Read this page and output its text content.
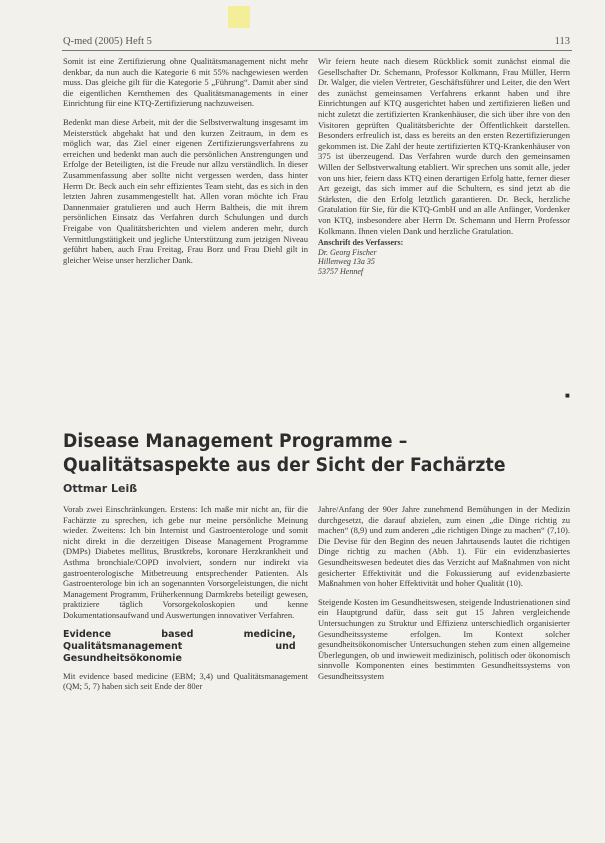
Q-med (2005) Heft 5	113

Somit ist eine Zertifizierung ohne Qualitätsmanagement nicht mehr denkbar, da nun auch die Kategorie 6 mit 55% nachgewiesen werden muss. Das gleiche gilt für die Kategorie 5 „Führung“. Damit aber sind die eigentlichen Kernthemen des Qualitätsmanagements in einer Einrichtung für eine KTQ-Zertifizierung nachzuweisen.

Bedenkt man diese Arbeit, mit der die Selbstverwaltung insgesamt im Meisterstück abgehakt hat und den kurzen Zeitraum, in dem es möglich war, das Ziel einer eigenen Zertifizierungsverfahrens zu erreichen und bedenkt man auch die persönlichen Anstrengungen und Erfolge der Beteiligten, ist die Freude nur allzu verständlich. In dieser Zusammenfassung aber sollte nicht vergessen werden, dass hinter Herrn Dr. Beck auch ein sehr effizientes Team steht, das es sich in den letzten Jahren zusammengestellt hat. Allen voran möchte ich Frau Dannenmaier gratulieren und auch Herrn Baltheis, die mit ihrem persönlichen Einsatz das Verfahren durch Schulungen und durch Freigabe von Qualitätsberichten und vielem anderen mehr, durch Vermittlungstätigkeit und jegliche Unterstützung zum jetzigen Niveau geführt haben, auch Frau Freitag, Frau Borz und Frau Diehl gilt in gleicher Weise unser herzlicher Dank.

Wir feiern heute nach diesem Rückblick somit zunächst einmal die Gesellschafter Dr. Schemann, Professor Kolkmann, Frau Müller, Herrn Dr. Walger, die vielen Vertreter, Geschäftsführer und Leiter, die den Wert des zunächst gemeinsamen Verfahrens erkannt haben und ihre Einrichtungen auf KTQ ausgerichtet haben und zertifizieren ließen und nicht zuletzt die zertifizierten Krankenhäuser, die sich über ihre von den Visitoren geprüften Qualitätsberichte der Öffentlichkeit darstellen. Besonders erfreulich ist, dass es bereits an den ersten Rezertifizierungen gekommen ist. Die Zahl der heute zertifizierten KTQ-Krankenhäuser von 375 ist überzeugend. Das Verfahren wurde durch den gemeinsamen Willen der Selbstverwaltung etabliert. Wir sprechen uns somit alle, jeder von uns hier, feiern dass KTQ einen derartigen Erfolg hatte, ferner dieser Art gezeigt, das sich immer auf die Schultern, es sind jetzt ab die Stärksten, die den Erfolg letztlich garantieren. Dr. Beck, herzliche Gratulation für Sie, für die KTQ-GmbH und an alle Anfänger, Vordenker von KTQ, insbesondere aber Herrn Dr. Schemann und Herrn Professor Kolkmann. Ihnen vielen Dank und herzliche Gratulation.

Anschrift des Verfassers:
Dr. Georg Fischer
Hillenweg 13a 35
53757 Hennef
■
Disease Management Programme –
Qualitätsaspekte aus der Sicht der Fachärzte
Ottmar Leiß

Vorab zwei Einschränkungen. Erstens: Ich maße mir nicht an, für die Fachärzte zu sprechen, ich gebe nur meine persönliche Meinung wieder. Zweitens: Ich bin Internist und Gastroenterologe und somit nicht direkt in die derzeitigen Disease Management Programme (DMPs) Diabetes mellitus, Brustkrebs, koronare Herzkrankheit und Asthma bronchiale/COPD involviert, sondern nur indirekt via gastroenterologische Mitbetreuung entsprechender Patienten. Als Gastroenterologe bin ich an sogenannten Vorsorgeleistungen, die nicht Management Programm, Früherkennung Darmkrebs beteiligt gewesen, praktiziere täglich Vorsorgekoloskopien und kenne Dokumentationsaufwand und Auswertungen innovativer Verfahren.

Evidence based medicine, Qualitätsmanagement und Gesundheitsökonomie

Mit evidence based medicine (EBM; 3,4) und Qualitätsmanagement (QM; 5, 7) haben sich seit Ende der 80er

Jahre/Anfang der 90er Jahre zunehmend Bemühungen in der Medizin durchgesetzt, die darauf abzielen, zum einen „die Dinge richtig zu machen“ (8,9) und zum anderen „die richtigen Dinge zu machen“ (7,10). Die Devise für den Beginn des neuen Jahrtausends lautet die richtigen Dinge richtig zu machen (Abb. 1). Für ein evidenzbasiertes Gesundheitswesen bedeutet dies das Verzicht auf Maßnahmen von nicht gesicherter Effektivität und die Fokussierung auf evidenzbasierte Maßnahmen von hoher Effektivität und hoher Qualität (10).

Steigende Kosten im Gesundheitswesen, steigende Industrienationen sind ein Hauptgrund dafür, dass seit gut 15 Jahren vergleichende Untersuchungen zu Struktur und Effizienz unterschiedlich organisierter Gesundheitssysteme erfolgen. Im Kontext solcher gesundheitsökonomischer Untersuchungen stehen zum einen allgemeine Überlegungen, ob und inwieweit medizinisch, politisch oder ökonomisch sinnvolle Komponenten eines bestimmten Gesundheitssystems von Gesundheitssystem
